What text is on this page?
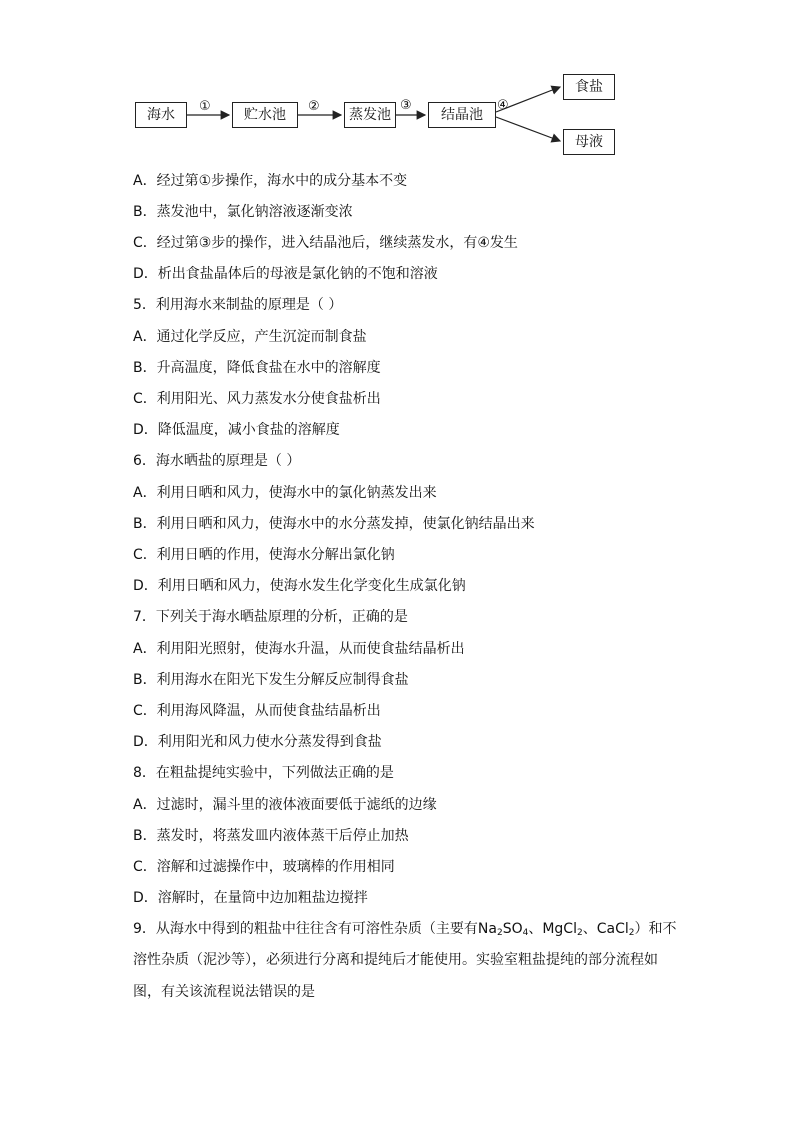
海水	贮水池	蒸发池	结晶池
食盐
母液
①	②	③	④
A．经过第①步操作，海水中的成分基本不变
B．蒸发池中，氯化钠溶液逐渐变浓
C．经过第③步的操作，进入结晶池后，继续蒸发水，有④发生
D．析出食盐晶体后的母液是氯化钠的不饱和溶液
5．利用海水来制盐的原理是（ ）
A．通过化学反应，产生沉淀而制食盐
B．升高温度，降低食盐在水中的溶解度
C．利用阳光、风力蒸发水分使食盐析出
D．降低温度，减小食盐的溶解度
6．海水晒盐的原理是（ ）
A．利用日晒和风力，使海水中的氯化钠蒸发出来
B．利用日晒和风力，使海水中的水分蒸发掉，使氯化钠结晶出来
C．利用日晒的作用，使海水分解出氯化钠
D．利用日晒和风力，使海水发生化学变化生成氯化钠
7．下列关于海水晒盐原理的分析，正确的是
A．利用阳光照射，使海水升温，从而使食盐结晶析出
B．利用海水在阳光下发生分解反应制得食盐
C．利用海风降温，从而使食盐结晶析出
D．利用阳光和风力使水分蒸发得到食盐
8．在粗盐提纯实验中，下列做法正确的是
A．过滤时，漏斗里的液体液面要低于滤纸的边缘
B．蒸发时，将蒸发皿内液体蒸干后停止加热
C．溶解和过滤操作中，玻璃棒的作用相同
D．溶解时，在量筒中边加粗盐边搅拌
9．从海水中得到的粗盐中往往含有可溶性杂质（主要有$Na_2SO_4$、MgCl$_2$、CaCl$_2$）和不
溶性杂质（泥沙等），必须进行分离和提纯后才能使用。实验室粗盐提纯的部分流程如
图，有关该流程说法错误的是
